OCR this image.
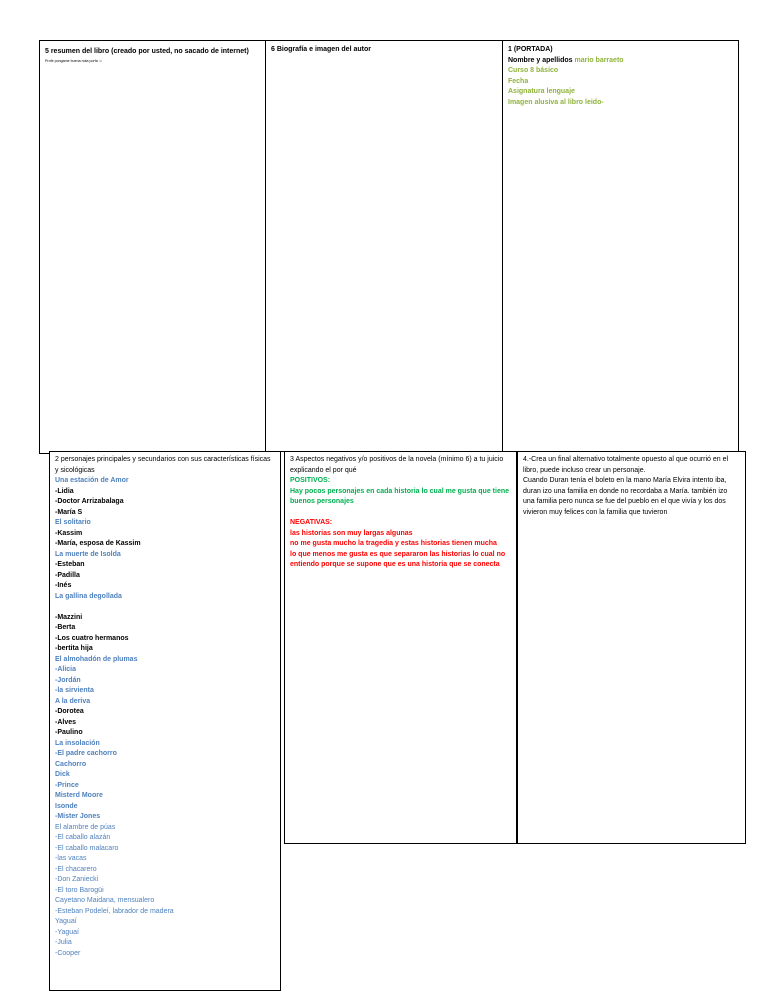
5 resumen del libro (creado por usted, no sacado de internet)
Profe pongame buena nota porfa ☺
6 Biografía e imagen del autor	1 (PORTADA)
Nombre y apellidos mario barraeto
Curso 8 básico
Fecha
Asignatura lenguaje
Imagen alusiva al libro leido-
2 personajes principales y secundarios con sus características físicas y sicológicas
Una estación de Amor
-Lidia
-Doctor Arrizabalaga
-María S
El solitario
-Kassim
-María, esposa de Kassim
La muerte de Isolda
-Esteban
-Padilla
-Inés
La gallina degollada
-Mazzini
-Berta
-Los cuatro hermanos
-bertita hija
El almohadón de plumas
-Alicia
-Jordán
-la sirvienta
A la deriva
-Dorotea
-Alves
-Paulino
La insolación
-El padre cachorro
Cachorro
Dick
-Prince
Misterd Moore
Isonde
-Mister Jones
El alambre de púas
-El caballo alazán
-El caballo malacaro
-las vacas
-El chacarero
-Don Zaniecki
-El toro Barogüi
Cayetano Maidana, mensualero
-Esteban Podeleí, labrador de madera
Yaguaí
-Yaguaí
-Julia
-Cooper
3 Aspectos negativos y/o positivos de la novela (mínimo 6) a tu juicio explicando el por qué
POSITIVOS:
Hay pocos personajes en cada historia lo cual me gusta que tiene buenos personajes
NEGATIVAS:
las historias son muy largas algunas
no me gusta mucho la tragedia y estas historias tienen mucha
lo que menos me gusta es que separaron las historias lo cual no entiendo porque se supone que es una historia que se conecta
4.-Crea un final alternativo totalmente opuesto al que ocurrió en el libro, puede incluso crear un personaje.
Cuando Duran tenía el boleto en la mano María Elvira intento iba, duran izo una familia en donde no recordaba a María. también izo una familia pero nunca se fue del pueblo en el que vivía y los dos vivieron muy felices con la familia que tuvieron
